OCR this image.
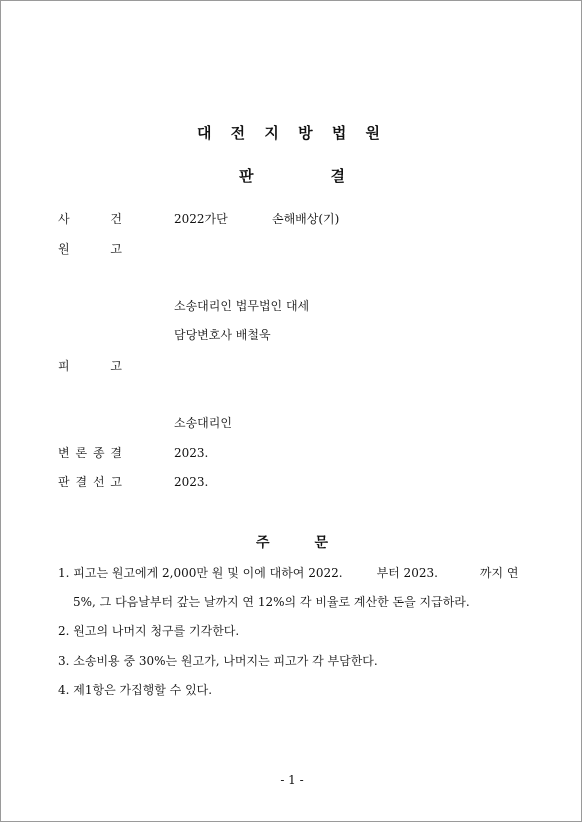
대 전 지 방 법 원
판	결
사	건	2022가단	손해배상(기)
원	고
소송대리인 법무법인 대세
담당변호사 배철욱
피	고
소송대리인
변 론 종 결	2023.
판 결 선 고	2023.
주	문
1. 피고는 원고에게 2,000만 원 및 이에 대하여 2022.	부터 2023.	까지 연
5%, 그 다음날부터 갚는 날까지 연 12%의 각 비율로 계산한 돈을 지급하라.
2. 원고의 나머지 청구를 기각한다.
3. 소송비용 중 30%는 원고가, 나머지는 피고가 각 부담한다.
4. 제1항은 가집행할 수 있다.
- 1 -
